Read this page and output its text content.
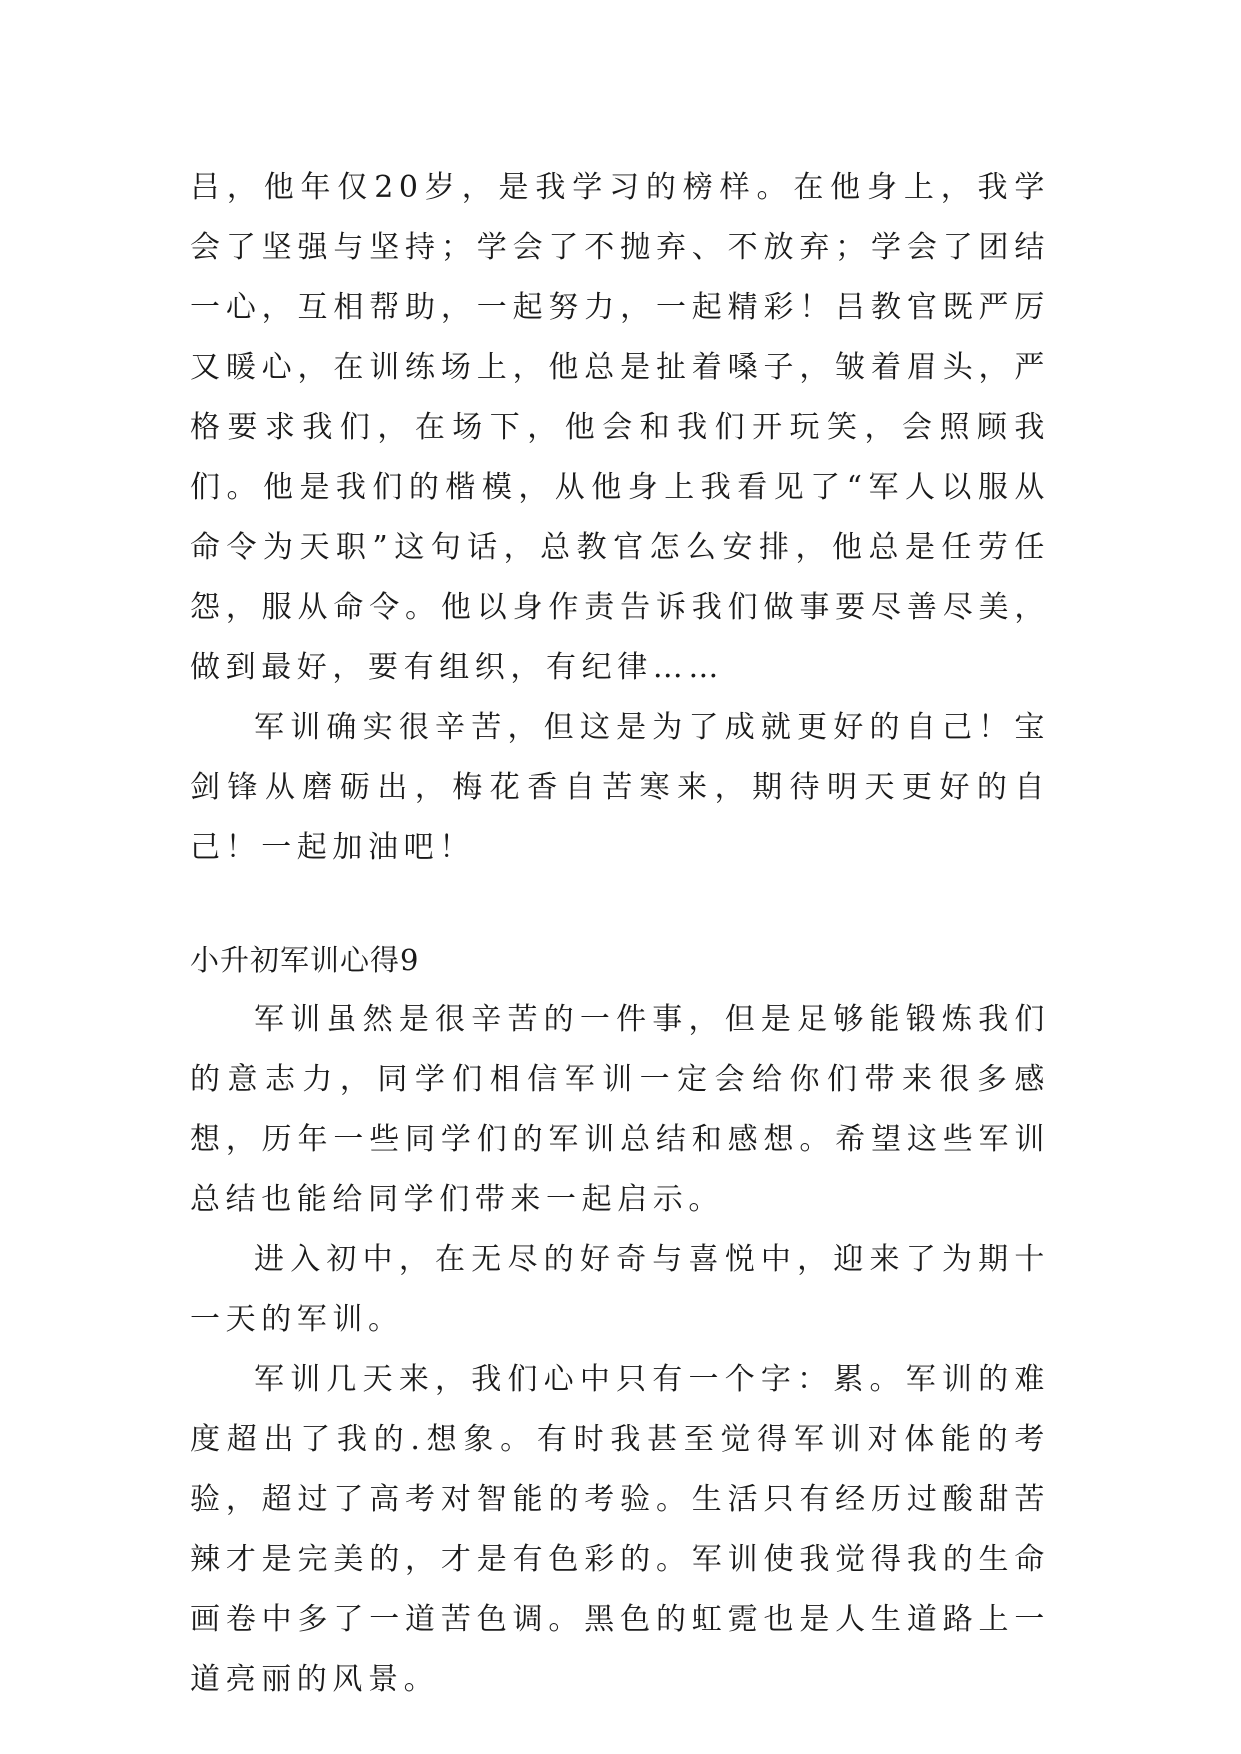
吕，他年仅20岁，是我学习的榜样。在他身上，我学会了坚强与坚持；学会了不抛弃、不放弃；学会了团结一心，互相帮助，一起努力，一起精彩！吕教官既严厉又暖心，在训练场上，他总是扯着嗓子，皱着眉头，严格要求我们，在场下，他会和我们开玩笑，会照顾我们。他是我们的楷模，从他身上我看见了“军人以服从命令为天职”这句话，总教官怎么安排，他总是任劳任怨，服从命令。他以身作责告诉我们做事要尽善尽美，做到最好，要有组织，有纪律……

军训确实很辛苦，但这是为了成就更好的自己！宝剑锋从磨砺出，梅花香自苦寒来，期待明天更好的自己！一起加油吧！

小升初军训心得9

军训虽然是很辛苦的一件事，但是足够能锻炼我们的意志力，同学们相信军训一定会给你们带来很多感想，历年一些同学们的军训总结和感想。希望这些军训总结也能给同学们带来一起启示。

进入初中，在无尽的好奇与喜悦中，迎来了为期十一天的军训。

军训几天来，我们心中只有一个字：累。军训的难度超出了我的.想象。有时我甚至觉得军训对体能的考验，超过了高考对智能的考验。生活只有经历过酸甜苦辣才是完美的，才是有色彩的。军训使我觉得我的生命画卷中多了一道苦色调。黑色的虹霓也是人生道路上一道亮丽的风景。
